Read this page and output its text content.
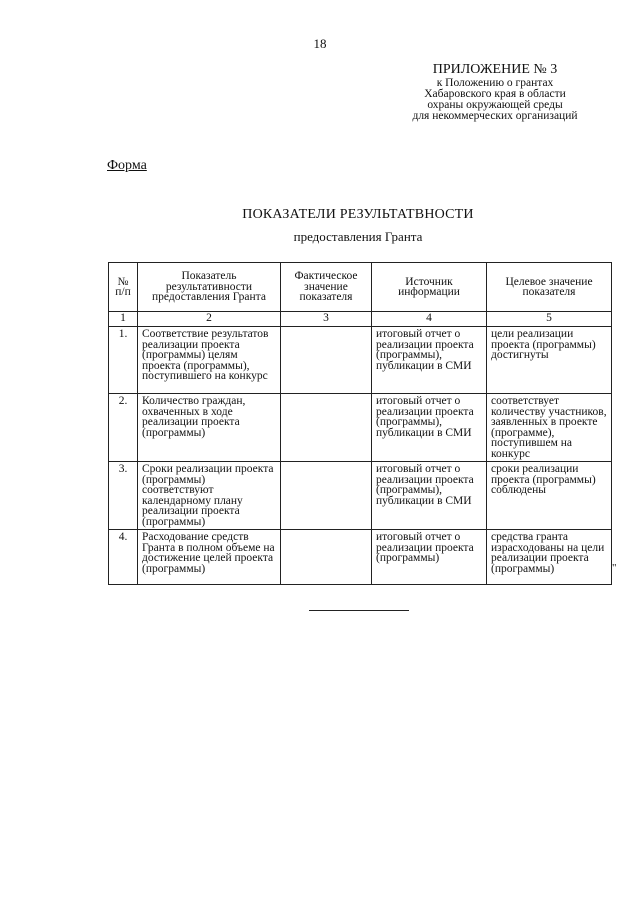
18
ПРИЛОЖЕНИЕ № 3
к Положению о грантах
Хабаровского края в области
охраны окружающей среды
для некоммерческих организаций
Форма
ПОКАЗАТЕЛИ РЕЗУЛЬТАТВНОСТИ
предоставления Гранта
№ п/п	Показатель результативности предоставления Гранта	Фактическое значение показателя	Источник информации	Целевое значение показателя
1	2	3	4	5
1.	Соответствие результатов реализации проекта (программы) целям проекта (программы), поступившего на конкурс		итоговый отчет о реализации проекта (программы), публикации в СМИ	цели реализации проекта (программы) достигнуты
2.	Количество граждан, охваченных в ходе реализации проекта (программы)		итоговый отчет о реализации проекта (программы), публикации в СМИ	соответствует количеству участников, заявленных в проекте (программе), поступившем на конкурс
3.	Сроки реализации проекта (программы) соответствуют календарному плану реализации проекта (программы)		итоговый отчет о реализации проекта (программы), публикации в СМИ	сроки реализации проекта (программы) соблюдены
4.	Расходование средств Гранта в полном объеме на достижение целей проекта (программы)		итоговый отчет о реализации проекта (программы)	средства гранта израсходованы на цели реализации проекта (программы)	"
